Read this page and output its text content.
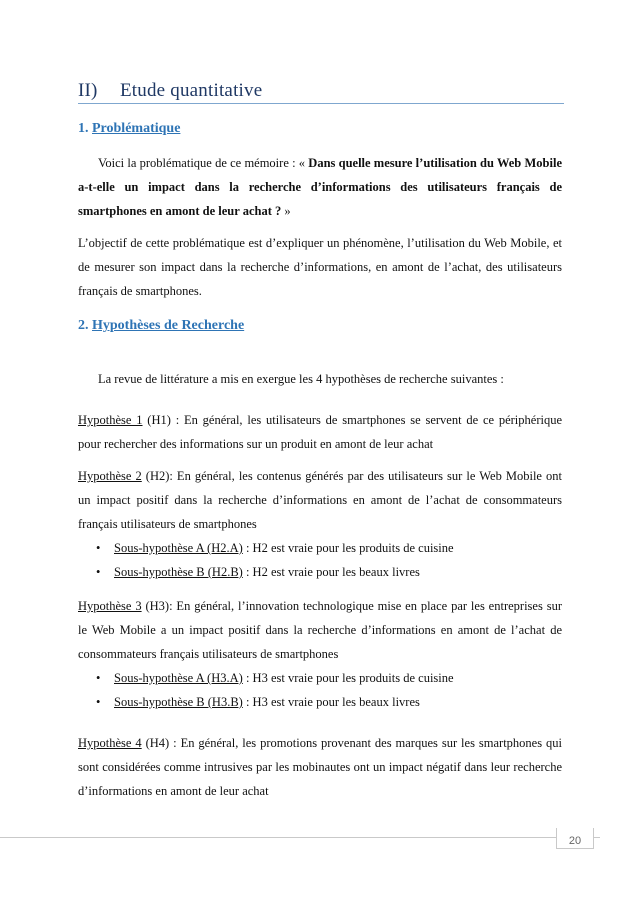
II) Etude quantitative
1. Problématique
Voici la problématique de ce mémoire : « Dans quelle mesure l’utilisation du Web Mobile a-t-elle un impact dans la recherche d’informations des utilisateurs français de smartphones en amont de leur achat ? »
L’objectif de cette problématique est d’expliquer un phénomène, l’utilisation du Web Mobile, et de mesurer son impact dans la recherche d’informations, en amont de l’achat, des utilisateurs français de smartphones.
2. Hypothèses de Recherche
La revue de littérature a mis en exergue les 4 hypothèses de recherche suivantes :
Hypothèse 1 (H1) : En général, les utilisateurs de smartphones se servent de ce périphérique pour rechercher des informations sur un produit en amont de leur achat
Hypothèse 2 (H2): En général, les contenus générés par des utilisateurs sur le Web Mobile ont un impact positif dans la recherche d’informations en amont de l’achat de consommateurs français utilisateurs de smartphones
• Sous-hypothèse A (H2.A) : H2 est vraie pour les produits de cuisine
• Sous-hypothèse B (H2.B) : H2 est vraie pour les beaux livres
Hypothèse 3 (H3): En général, l’innovation technologique mise en place par les entreprises sur le Web Mobile a un impact positif dans la recherche d’informations en amont de l’achat de consommateurs français utilisateurs de smartphones
• Sous-hypothèse A (H3.A) : H3 est vraie pour les produits de cuisine
• Sous-hypothèse B (H3.B) : H3 est vraie pour les beaux livres
Hypothèse 4 (H4) : En général, les promotions provenant des marques sur les smartphones qui sont considérées comme intrusives par les mobinautes ont un impact négatif dans leur recherche d’informations en amont de leur achat
20
